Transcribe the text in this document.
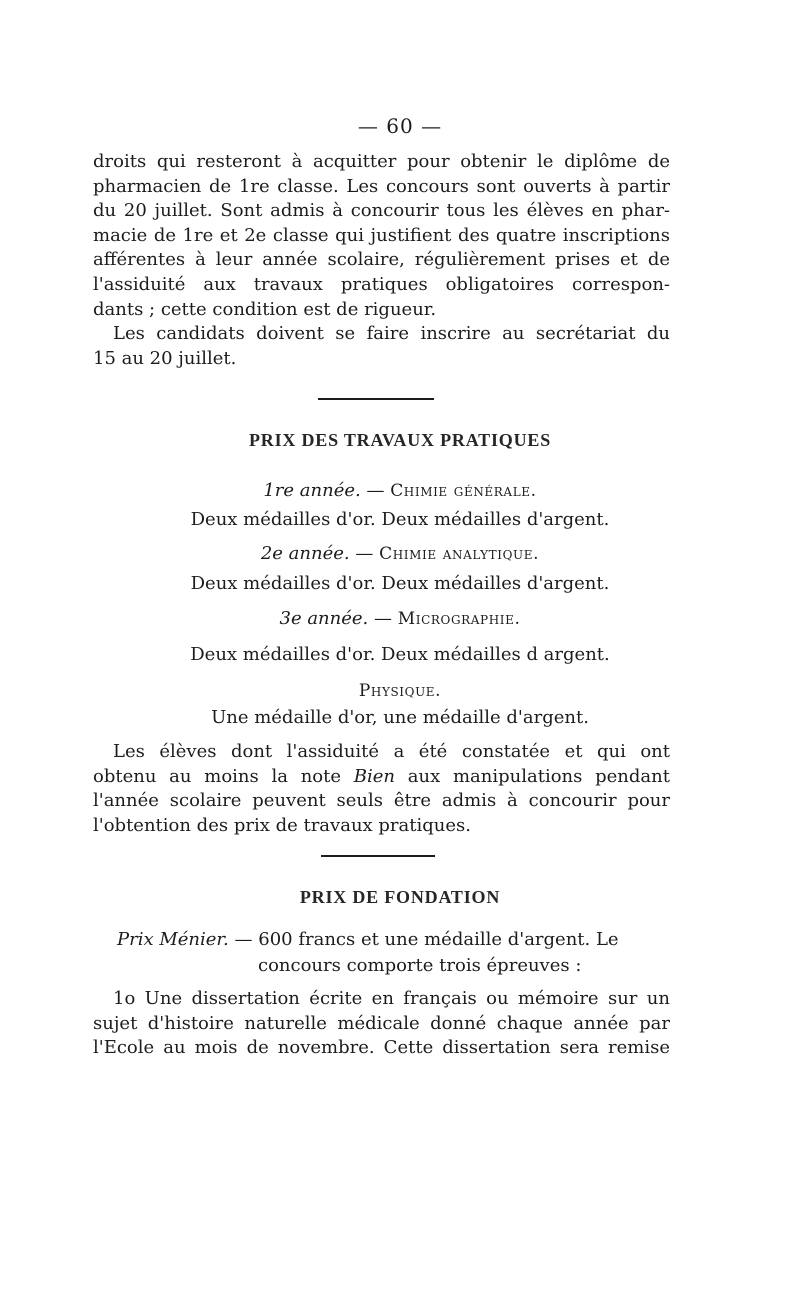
— 60 —

droits qui resteront à acquitter pour obtenir le diplôme de
pharmacien de 1re classe. Les concours sont ouverts à partir
du 20 juillet. Sont admis à concourir tous les élèves en phar-
macie de 1re et 2e classe qui justifient des quatre inscriptions
afférentes à leur année scolaire, régulièrement prises et de
l'assiduité aux travaux pratiques obligatoires correspon-
dants ; cette condition est de rigueur.

Les candidats doivent se faire inscrire au secrétariat du
15 au 20 juillet.

PRIX DES TRAVAUX PRATIQUES
1re année. — Chimie générale.
Deux médailles d'or. Deux médailles d'argent.
2e année. — Chimie analytique.
Deux médailles d'or. Deux médailles d'argent.
3e année. — Micrographie.
Deux médailles d'or. Deux médailles d argent.
Physique.
Une médaille d'or, une médaille d'argent.

Les élèves dont l'assiduité a été constatée et qui ont
obtenu au moins la note Bien aux manipulations pendant
l'année scolaire peuvent seuls être admis à concourir pour
l'obtention des prix de travaux pratiques.

PRIX DE FONDATION
Prix Ménier. — 600 francs et une médaille d'argent. Le
concours comporte trois épreuves :

1o Une dissertation écrite en français ou mémoire sur un
sujet d'histoire naturelle médicale donné chaque année par
l'Ecole au mois de novembre. Cette dissertation sera remise
